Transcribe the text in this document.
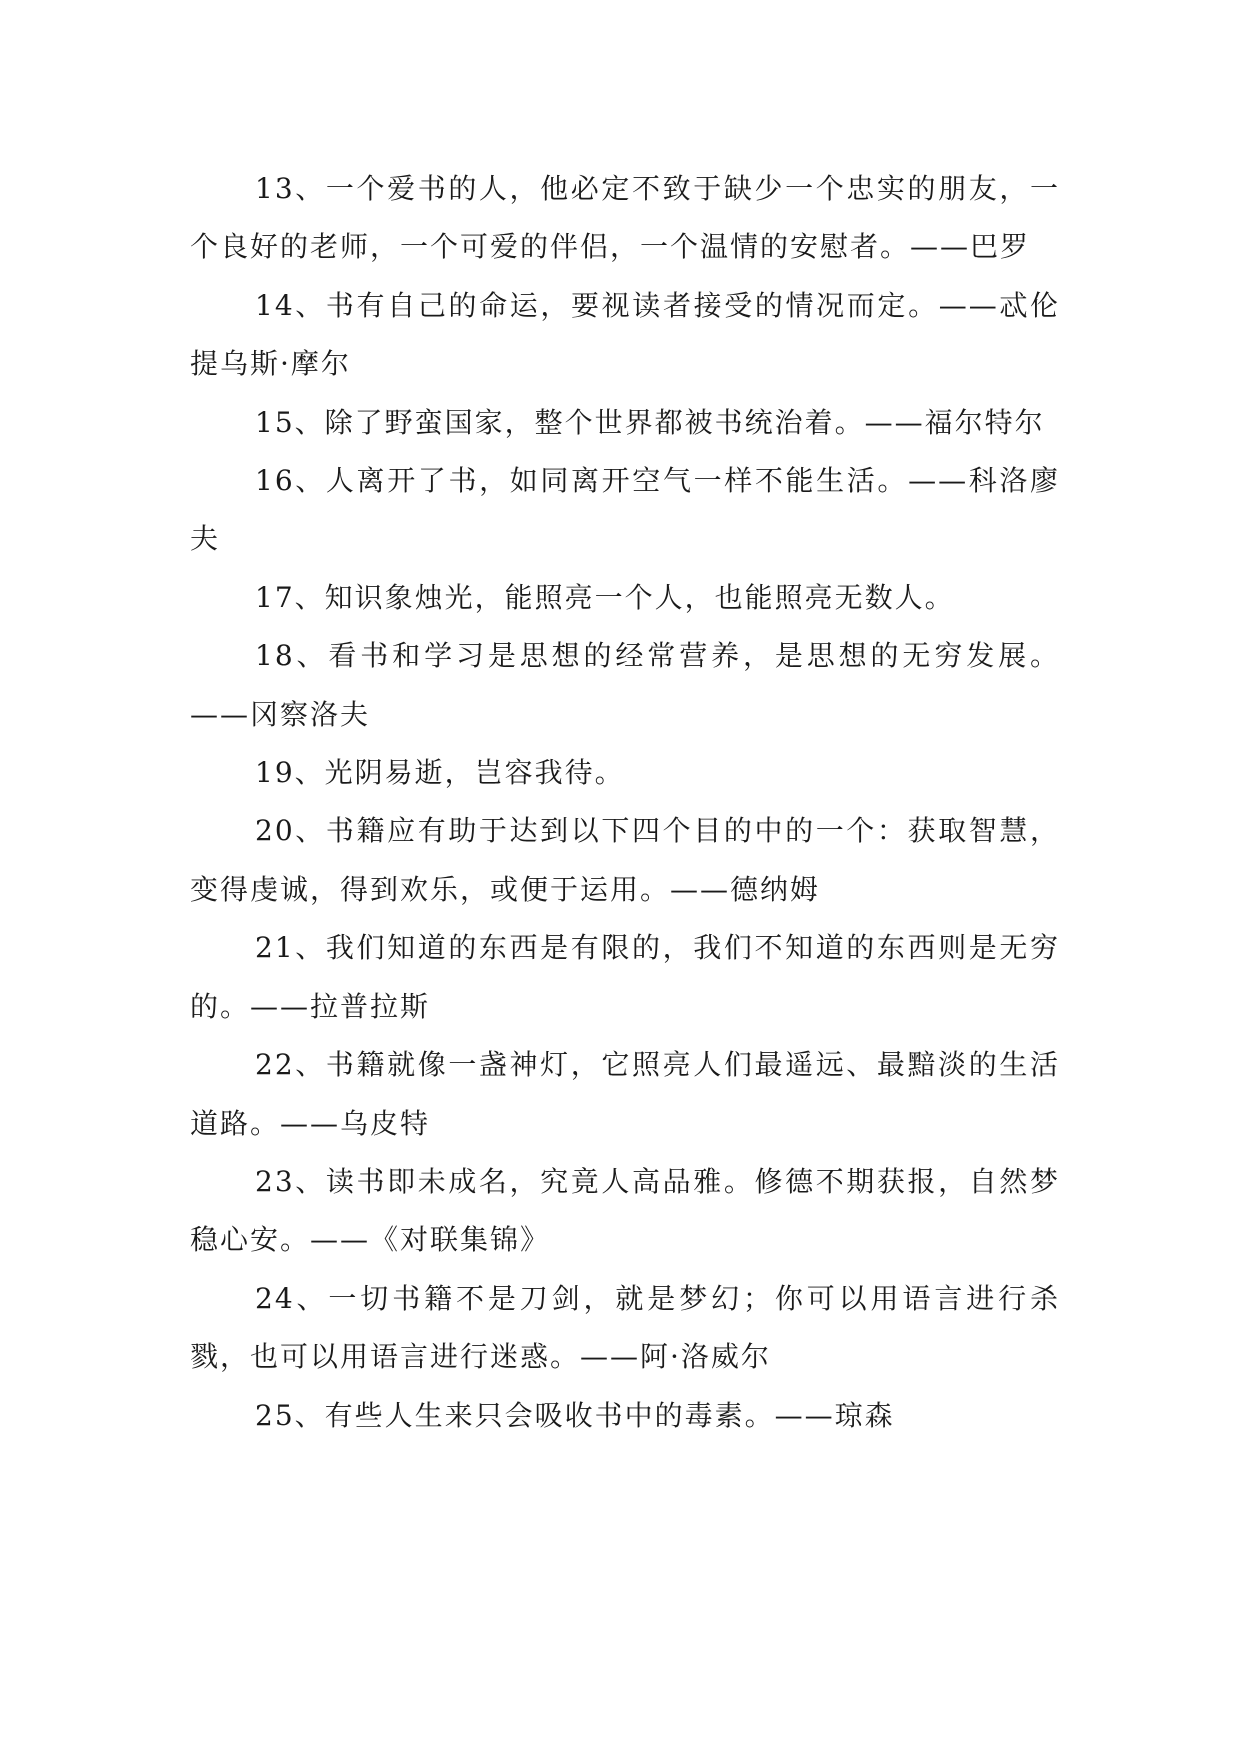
13、一个爱书的人，他必定不致于缺少一个忠实的朋友，一个良好的老师，一个可爱的伴侣，一个温情的安慰者。——巴罗

14、书有自己的命运，要视读者接受的情况而定。——忒伦提乌斯·摩尔

15、除了野蛮国家，整个世界都被书统治着。——福尔特尔

16、人离开了书，如同离开空气一样不能生活。——科洛廖夫

17、知识象烛光，能照亮一个人，也能照亮无数人。

18、看书和学习是思想的经常营养，是思想的无穷发展。——冈察洛夫

19、光阴易逝，岂容我待。

20、书籍应有助于达到以下四个目的中的一个：获取智慧，变得虔诚，得到欢乐，或便于运用。——德纳姆

21、我们知道的东西是有限的，我们不知道的东西则是无穷的。——拉普拉斯

22、书籍就像一盏神灯，它照亮人们最遥远、最黯淡的生活道路。——乌皮特

23、读书即未成名，究竟人高品雅。修德不期获报，自然梦稳心安。——《对联集锦》

24、一切书籍不是刀剑，就是梦幻；你可以用语言进行杀戮，也可以用语言进行迷惑。——阿·洛威尔

25、有些人生来只会吸收书中的毒素。——琼森
